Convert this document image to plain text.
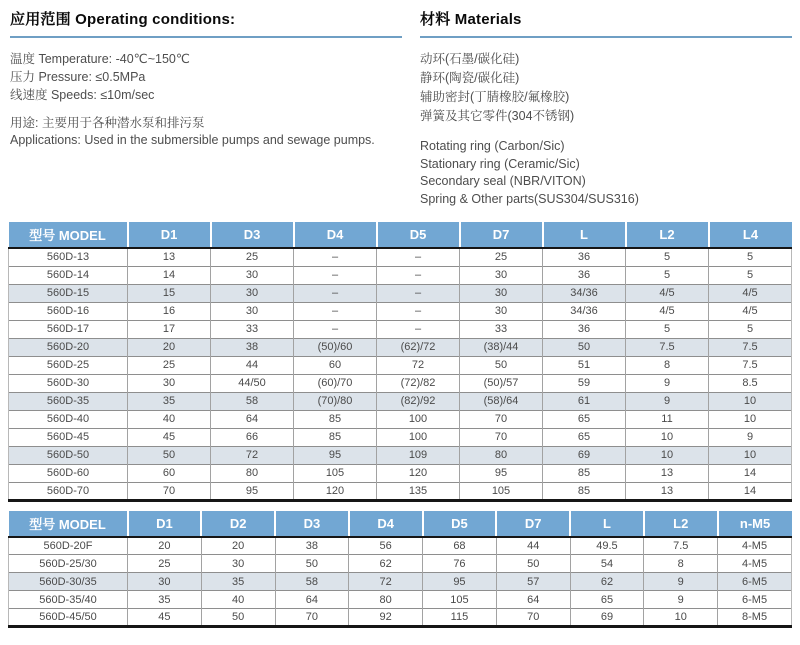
应用范围 Operating conditions:
温度 Temperature: -40℃~150℃
压力 Pressure: ≤0.5MPa
线速度 Speeds: ≤10m/sec
用途: 主要用于各种潜水泵和排污泵
Applications: Used in the submersible pumps and sewage pumps.
材料 Materials
动环(石墨/碳化硅)
静环(陶瓷/碳化硅)
辅助密封(丁腈橡胶/氟橡胶)
弹簧及其它零件(304不锈钢)
Rotating ring (Carbon/Sic)
Stationary ring (Ceramic/Sic)
Secondary seal (NBR/VITON)
Spring & Other parts(SUS304/SUS316)
型号 MODEL	D1	D3	D4	D5	D7	L	L2	L4
560D-13	13	25	–	–	25	36	5	5
560D-14	14	30	–	–	30	36	5	5
560D-15	15	30	–	–	30	34/36	4/5	4/5
560D-16	16	30	–	–	30	34/36	4/5	4/5
560D-17	17	33	–	–	33	36	5	5
560D-20	20	38	(50)/60	(62)/72	(38)/44	50	7.5	7.5
560D-25	25	44	60	72	50	51	8	7.5
560D-30	30	44/50	(60)/70	(72)/82	(50)/57	59	9	8.5
560D-35	35	58	(70)/80	(82)/92	(58)/64	61	9	10
560D-40	40	64	85	100	70	65	11	10
560D-45	45	66	85	100	70	65	10	9
560D-50	50	72	95	109	80	69	10	10
560D-60	60	80	105	120	95	85	13	14
560D-70	70	95	120	135	105	85	13	14
型号 MODEL	D1	D2	D3	D4	D5	D7	L	L2	n-M5
560D-20F	20	20	38	56	68	44	49.5	7.5	4-M5
560D-25/30	25	30	50	62	76	50	54	8	4-M5
560D-30/35	30	35	58	72	95	57	62	9	6-M5
560D-35/40	35	40	64	80	105	64	65	9	6-M5
560D-45/50	45	50	70	92	115	70	69	10	8-M5
